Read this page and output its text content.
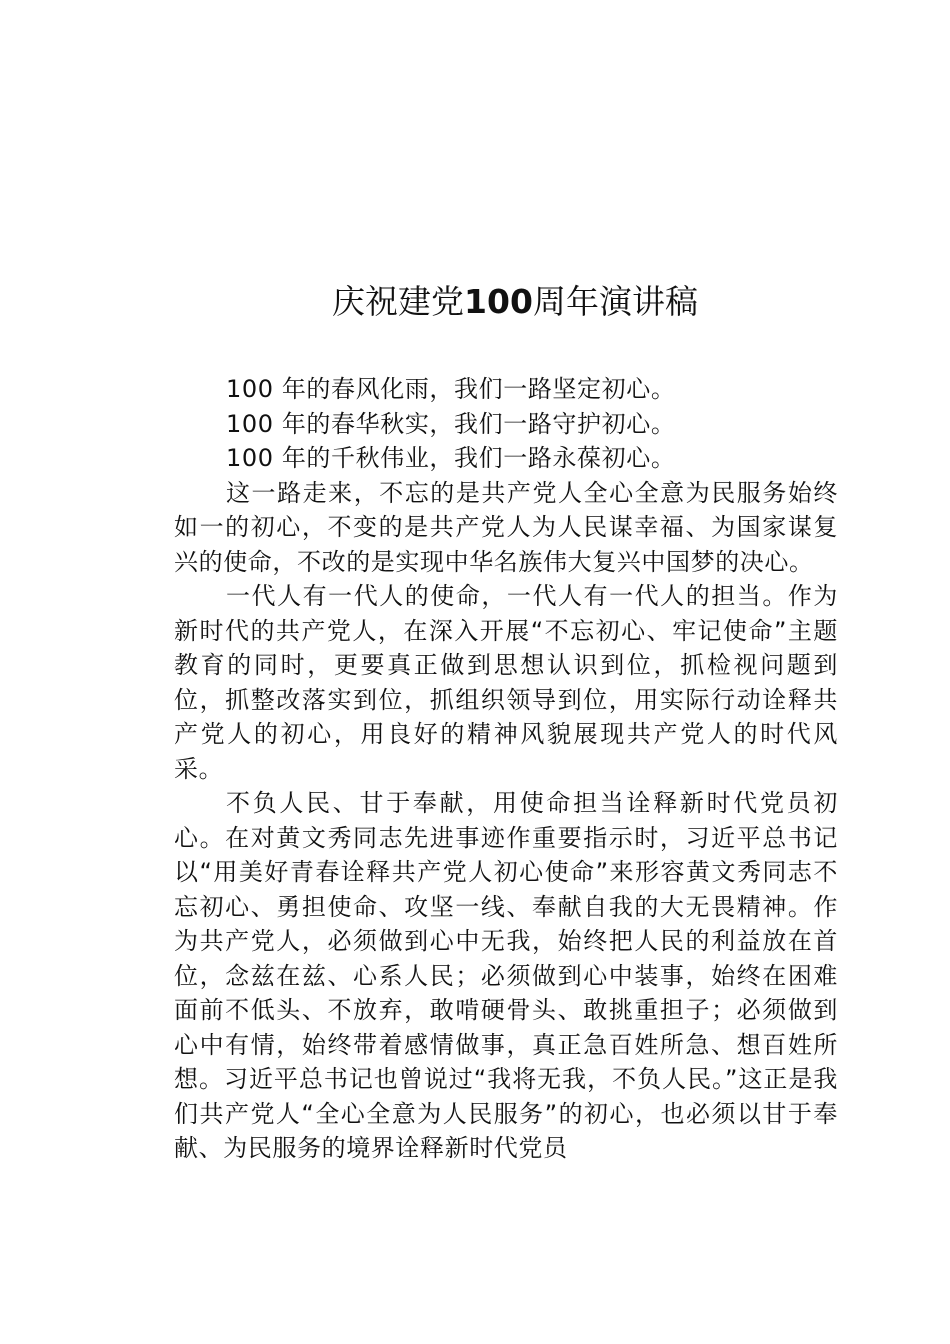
庆祝建党100周年演讲稿

100 年的春风化雨，我们一路坚定初心。

100 年的春华秋实，我们一路守护初心。

100 年的千秋伟业，我们一路永葆初心。

这一路走来，不忘的是共产党人全心全意为民服务始终如一的初心，不变的是共产党人为人民谋幸福、为国家谋复兴的使命，不改的是实现中华名族伟大复兴中国梦的决心。

一代人有一代人的使命，一代人有一代人的担当。作为新时代的共产党人，在深入开展“不忘初心、牢记使命”主题教育的同时，更要真正做到思想认识到位，抓检视问题到位，抓整改落实到位，抓组织领导到位，用实际行动诠释共产党人的初心，用良好的精神风貌展现共产党人的时代风采。

不负人民、甘于奉献，用使命担当诠释新时代党员初心。在对黄文秀同志先进事迹作重要指示时，习近平总书记以“用美好青春诠释共产党人初心使命”来形容黄文秀同志不忘初心、勇担使命、攻坚一线、奉献自我的大无畏精神。作为共产党人，必须做到心中无我，始终把人民的利益放在首位，念兹在兹、心系人民；必须做到心中装事，始终在困难面前不低头、不放弃，敢啃硬骨头、敢挑重担子；必须做到心中有情，始终带着感情做事，真正急百姓所急、想百姓所想。习近平总书记也曾说过“我将无我，不负人民。”这正是我们共产党人“全心全意为人民服务”的初心，也必须以甘于奉献、为民服务的境界诠释新时代党员
